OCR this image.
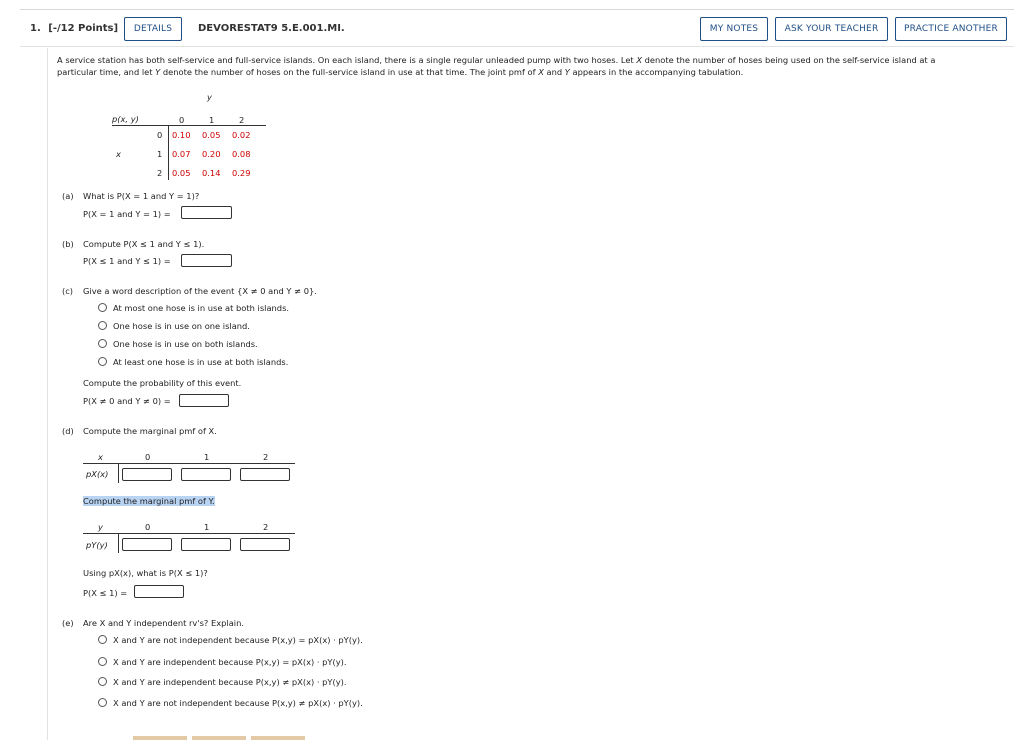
1. [-/12 Points]	DETAILS	DEVORESTAT9 5.E.001.MI.	MY NOTES	ASK YOUR TEACHER	PRACTICE ANOTHER
A service station has both self-service and full-service islands. On each island, there is a single regular unleaded pump with two hoses. Let X denote the number of hoses being used on the self-service island at a
particular time, and let Y denote the number of hoses on the full-service island in use at that time. The joint pmf of X and Y appears in the accompanying tabulation.
y
p(x, y)	0	1	2
x
0 0.10 0.05 0.02
1 0.07 0.20 0.08
2 0.05 0.14 0.29
(a) What is P(X = 1 and Y = 1)?
P(X = 1 and Y = 1) =
(b) Compute P(X ≤ 1 and Y ≤ 1).
P(X ≤ 1 and Y ≤ 1) =
(c) Give a word description of the event {X ≠ 0 and Y ≠ 0}.
At most one hose is in use at both islands.
One hose is in use on one island.
One hose is in use on both islands.
At least one hose is in use at both islands.
Compute the probability of this event.
P(X ≠ 0 and Y ≠ 0) =
(d) Compute the marginal pmf of X.
x	0	1	2
pX(x)
Compute the marginal pmf of Y.
y	0	1	2
pY(y)
Using pX(x), what is P(X ≤ 1)?
P(X ≤ 1) =
(e) Are X and Y independent rv's? Explain.
X and Y are not independent because P(x,y) = pX(x) · pY(y).
X and Y are independent because P(x,y) = pX(x) · pY(y).
X and Y are independent because P(x,y) ≠ pX(x) · pY(y).
X and Y are not independent because P(x,y) ≠ pX(x) · pY(y).
